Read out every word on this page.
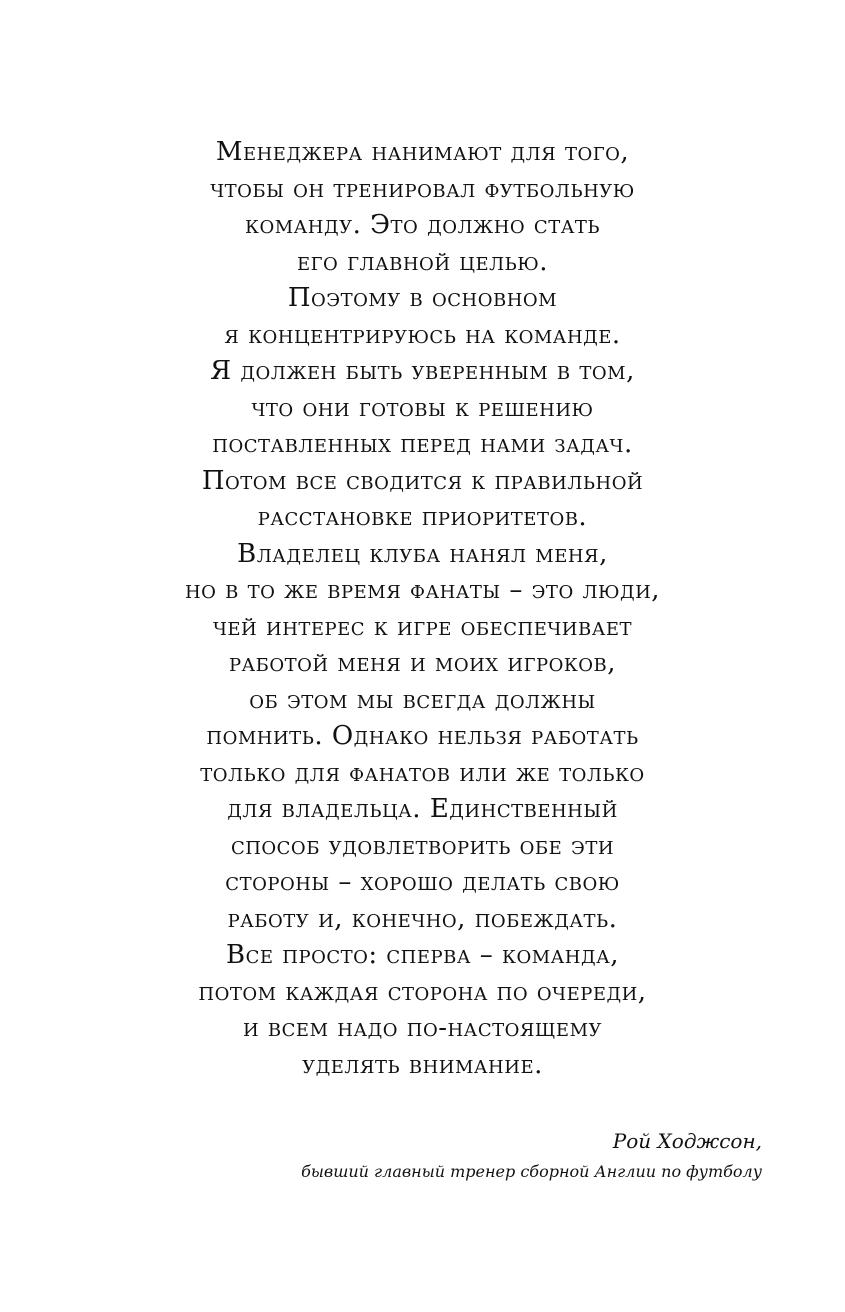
Менеджера нанимают для того,
чтобы он тренировал футбольную
команду. Это должно стать
его главной целью.
Поэтому в основном
я концентрируюсь на команде.
Я должен быть уверенным в том,
что они готовы к решению
поставленных перед нами задач.
Потом все сводится к правильной
расстановке приоритетов.
Владелец клуба нанял меня,
но в то же время фанаты – это люди,
чей интерес к игре обеспечивает
работой меня и моих игроков,
об этом мы всегда должны
помнить. Однако нельзя работать
только для фанатов или же только
для владельца. Единственный
способ удовлетворить обе эти
стороны – хорошо делать свою
работу и, конечно, побеждать.
Все просто: сперва – команда,
потом каждая сторона по очереди,
и всем надо по-настоящему
уделять внимание.
Рой Ходжсон,
бывший главный тренер сборной Англии по футболу
